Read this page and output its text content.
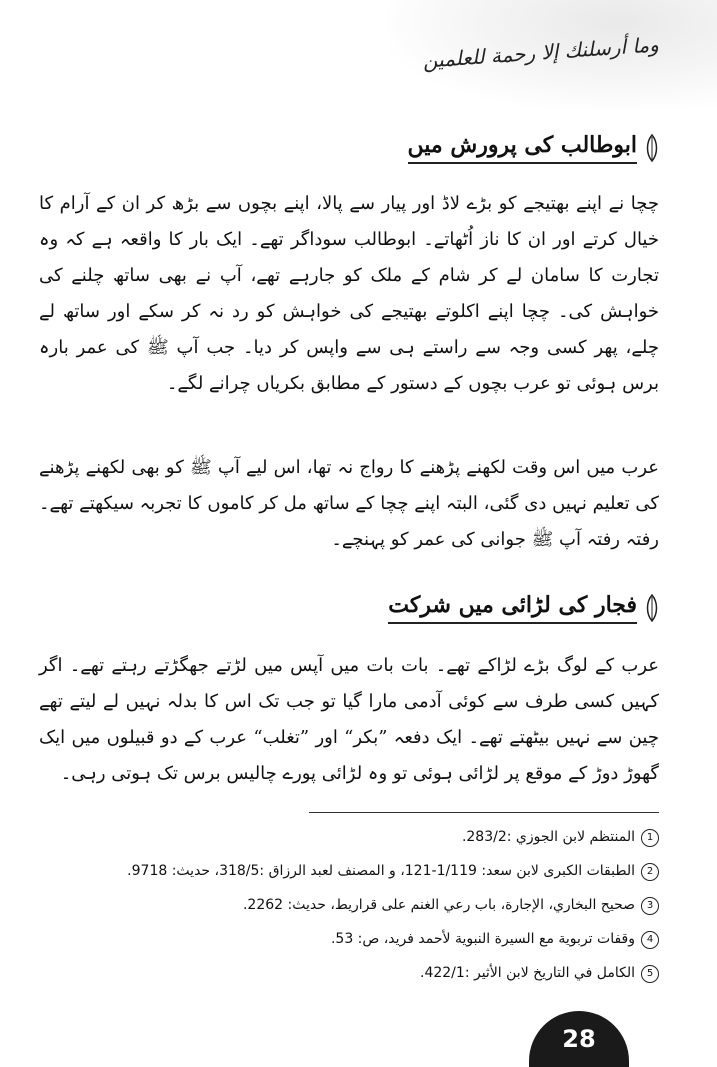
وما أرسلنك إلا رحمة للعلمين
ابوطالب کی پرورش میں

چچا نے اپنے بھتیجے کو بڑے لاڈ اور پیار سے پالا، اپنے بچوں سے بڑھ کر ان کے آرام کا خیال کرتے اور ان کا ناز اُٹھاتے۔ ابوطالب سوداگر تھے۔ ایک بار کا واقعہ ہے کہ وہ تجارت کا سامان لے کر شام کے ملک کو جارہے تھے، آپ نے بھی ساتھ چلنے کی خواہش کی۔ چچا اپنے اکلوتے بھتیجے کی خواہش کو رد نہ کر سکے اور ساتھ لے چلے، پھر کسی وجہ سے راستے ہی سے واپس کر دیا۔ جب آپ ﷺ کی عمر بارہ برس ہوئی تو عرب بچوں کے دستور کے مطابق بکریاں چرانے لگے۔

عرب میں اس وقت لکھنے پڑھنے کا رواج نہ تھا، اس لیے آپ ﷺ کو بھی لکھنے پڑھنے کی تعلیم نہیں دی گئی، البتہ اپنے چچا کے ساتھ مل کر کاموں کا تجربہ سیکھتے تھے۔ رفتہ رفتہ آپ ﷺ جوانی کی عمر کو پہنچے۔

فجار کی لڑائی میں شرکت

عرب کے لوگ بڑے لڑاکے تھے۔ بات بات میں آپس میں لڑتے جھگڑتے رہتے تھے۔ اگر کہیں کسی طرف سے کوئی آدمی مارا گیا تو جب تک اس کا بدلہ نہیں لے لیتے تھے چین سے نہیں بیٹھتے تھے۔ ایک دفعہ ”بکر“ اور ”تغلب“ عرب کے دو قبیلوں میں ایک گھوڑ دوڑ کے موقع پر لڑائی ہوئی تو وہ لڑائی پورے چالیس برس تک ہوتی رہی۔

1
المنتظم لابن الجوزي :283/2.
2
الطبقات الكبرى لابن سعد: 1/119-121، و المصنف لعبد الرزاق :318/5، حديث: 9718.
3
صحيح البخاري، الإجارة، باب رعي الغنم على قراريط، حديث: 2262.
4
وقفات تربوية مع السيرة النبوية لأحمد فريد، ص: 53.
5
الكامل في التاريخ لابن الأثير :422/1.
28
